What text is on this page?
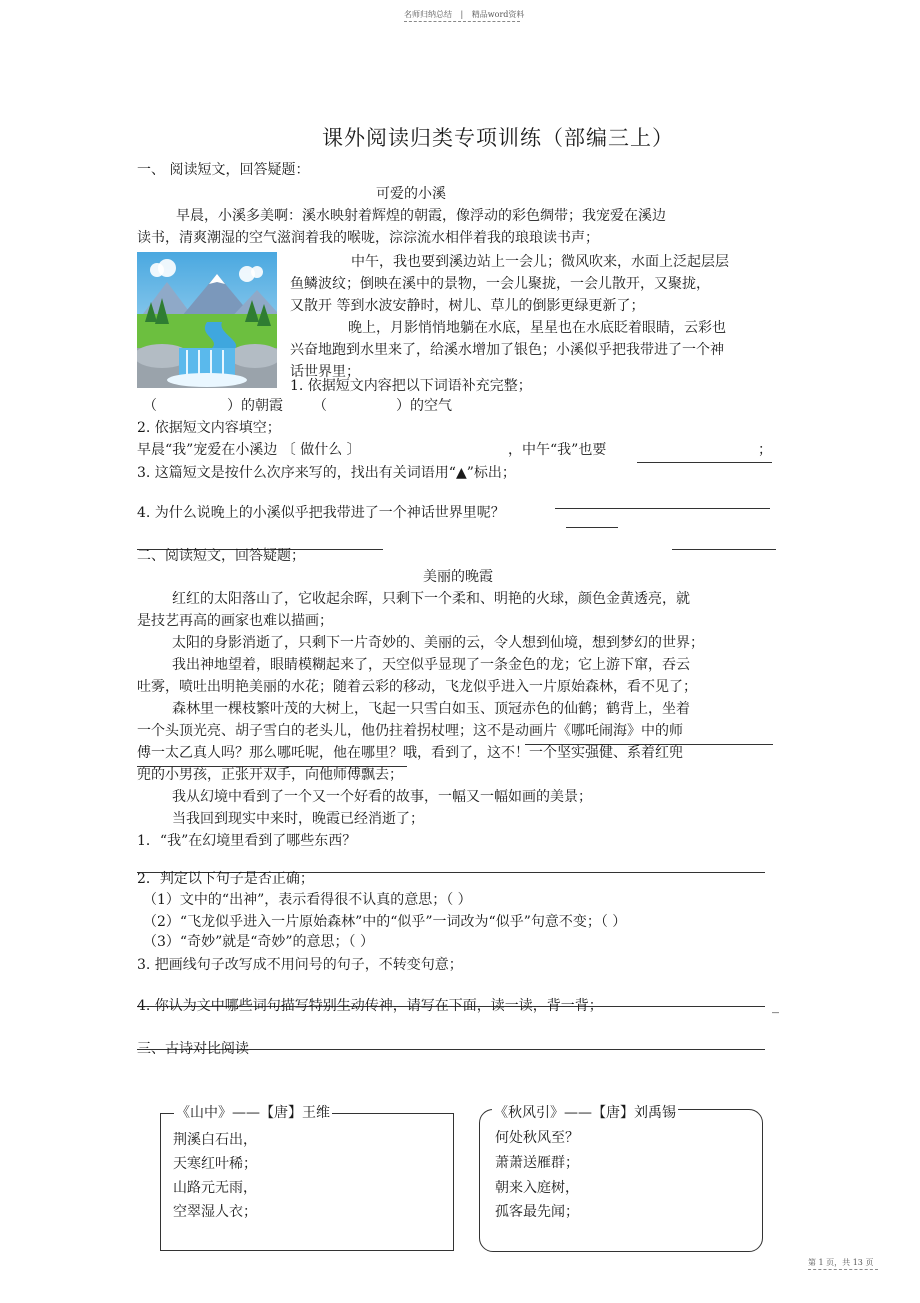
名师归纳总结 | 精品word资料
课外阅读归类专项训练（部编三上）
一、 阅读短文，回答疑题：
可爱的小溪
早晨，小溪多美啊：溪水映射着辉煌的朝霞，像浮动的彩色绸带；我宠爱在溪边
读书，清爽潮湿的空气滋润着我的喉咙，淙淙流水相伴着我的琅琅读书声；
中午，我也要到溪边站上一会儿；微风吹来，水面上泛起层层
鱼鳞波纹；倒映在溪中的景物，一会儿聚拢，一会儿散开，又聚拢，
又散开 等到水波安静时，树儿、草儿的倒影更绿更新了；
晚上，月影悄悄地躺在水底，星星也在水底眨着眼睛，云彩也
兴奋地跑到水里来了，给溪水增加了银色；小溪似乎把我带进了一个神
话世界里；
1. 依据短文内容把以下词语补充完整；
（	）的朝霞 （	）的空气
2. 依据短文内容填空；
早晨“我”宠爱在小溪边 〔 做什么 〕	，中午“我”也要	；
3. 这篇短文是按什么次序来写的，找出有关词语用“▲”标出；
4. 为什么说晚上的小溪似乎把我带进了一个神话世界里呢？
二、阅读短文，回答疑题；
美丽的晚霞
红红的太阳落山了，它收起余晖，只剩下一个柔和、明艳的火球，颜色金黄透亮，就
是技艺再高的画家也难以描画；
太阳的身影消逝了，只剩下一片奇妙的、美丽的云，令人想到仙境，想到梦幻的世界；
我出神地望着，眼睛模糊起来了，天空似乎显现了一条金色的龙；它上游下窜，吞云
吐雾，喷吐出明艳美丽的水花；随着云彩的移动，飞龙似乎进入一片原始森林，看不见了；
森林里一棵枝繁叶茂的大树上，飞起一只雪白如玉、顶冠赤色的仙鹤；鹤背上，坐着
一个头顶光亮、胡子雪白的老头儿，他仍拄着拐杖哩；这不是动画片《哪吒闹海》中的师
傅一太乙真人吗？那么哪吒呢，他在哪里？哦，看到了，这不！一个坚实强健、系着红兜
兜的小男孩，正张开双手，向他师傅飘去；
我从幻境中看到了一个又一个好看的故事，一幅又一幅如画的美景；
当我回到现实中来时，晚霞已经消逝了；
1．“我”在幻境里看到了哪些东西？
2．判定以下句子是否正确；
（1）文中的“出神”，表示看得很不认真的意思；（ ）
（2）“飞龙似乎进入一片原始森林”中的“似乎”一词改为“似乎”句意不变；（ ）
（3）“奇妙”就是“奇妙”的意思；（ ）
3. 把画线句子改写成不用问号的句子，不转变句意；
4. 你认为文中哪些词句描写特别生动传神，请写在下面，读一读，背一背；	_
三、古诗对比阅读
《山中》——【唐】王维
荆溪白石出，
天寒红叶稀；
山路元无雨，
空翠湿人衣；
《秋风引》——【唐】刘禹锡
何处秋风至？
萧萧送雁群；
朝来入庭树，
孤客最先闻；
第 1 页，共 13 页
